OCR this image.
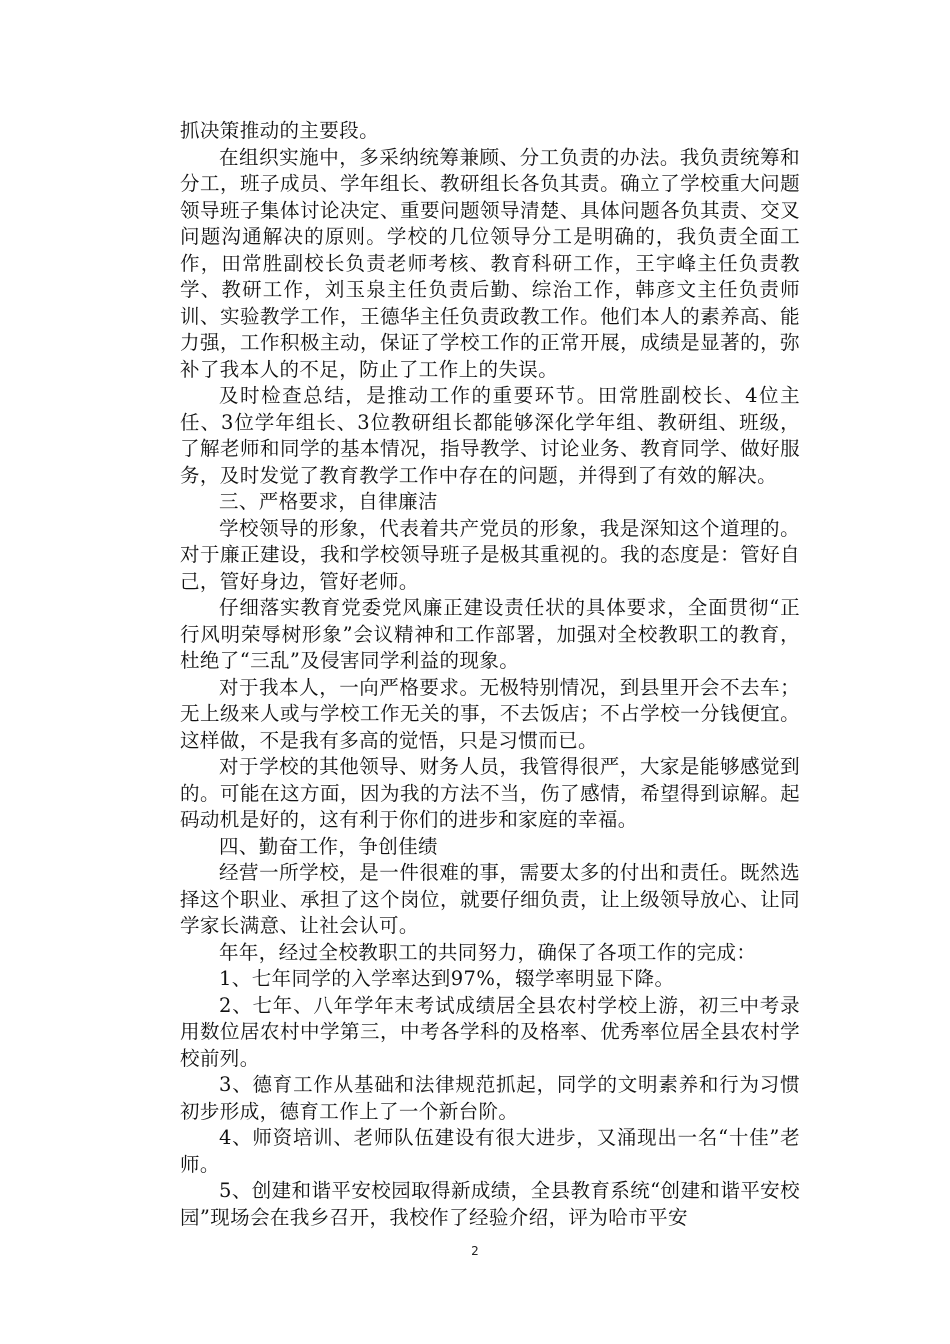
抓决策推动的主要段。

在组织实施中，多采纳统筹兼顾、分工负责的办法。我负责统筹和分工，班子成员、学年组长、教研组长各负其责。确立了学校重大问题领导班子集体讨论决定、重要问题领导清楚、具体问题各负其责、交叉问题沟通解决的原则。学校的几位领导分工是明确的，我负责全面工作，田常胜副校长负责老师考核、教育科研工作，王宇峰主任负责教学、教研工作，刘玉泉主任负责后勤、综治工作，韩彦文主任负责师训、实验教学工作，王德华主任负责政教工作。他们本人的素养高、能力强，工作积极主动，保证了学校工作的正常开展，成绩是显著的，弥补了我本人的不足，防止了工作上的失误。

及时检查总结，是推动工作的重要环节。田常胜副校长、4位主任、3位学年组长、3位教研组长都能够深化学年组、教研组、班级，了解老师和同学的基本情况，指导教学、讨论业务、教育同学、做好服务，及时发觉了教育教学工作中存在的问题，并得到了有效的解决。

三、严格要求，自律廉洁

学校领导的形象，代表着共产党员的形象，我是深知这个道理的。对于廉正建设，我和学校领导班子是极其重视的。我的态度是：管好自己，管好身边，管好老师。

仔细落实教育党委党风廉正建设责任状的具体要求，全面贯彻“正行风明荣辱树形象”会议精神和工作部署，加强对全校教职工的教育，杜绝了“三乱”及侵害同学利益的现象。

对于我本人，一向严格要求。无极特别情况，到县里开会不去车；无上级来人或与学校工作无关的事，不去饭店；不占学校一分钱便宜。这样做，不是我有多高的觉悟，只是习惯而已。

对于学校的其他领导、财务人员，我管得很严，大家是能够感觉到的。可能在这方面，因为我的方法不当，伤了感情，希望得到谅解。起码动机是好的，这有利于你们的进步和家庭的幸福。

四、勤奋工作，争创佳绩

经营一所学校，是一件很难的事，需要太多的付出和责任。既然选择这个职业、承担了这个岗位，就要仔细负责，让上级领导放心、让同学家长满意、让社会认可。

年年，经过全校教职工的共同努力，确保了各项工作的完成：

1、七年同学的入学率达到97%，辍学率明显下降。

2、七年、八年学年末考试成绩居全县农村学校上游，初三中考录用数位居农村中学第三，中考各学科的及格率、优秀率位居全县农村学校前列。

3、德育工作从基础和法律规范抓起，同学的文明素养和行为习惯初步形成，德育工作上了一个新台阶。

4、师资培训、老师队伍建设有很大进步，又涌现出一名“十佳”老师。

5、创建和谐平安校园取得新成绩，全县教育系统“创建和谐平安校园”现场会在我乡召开，我校作了经验介绍，评为哈市平安

2
